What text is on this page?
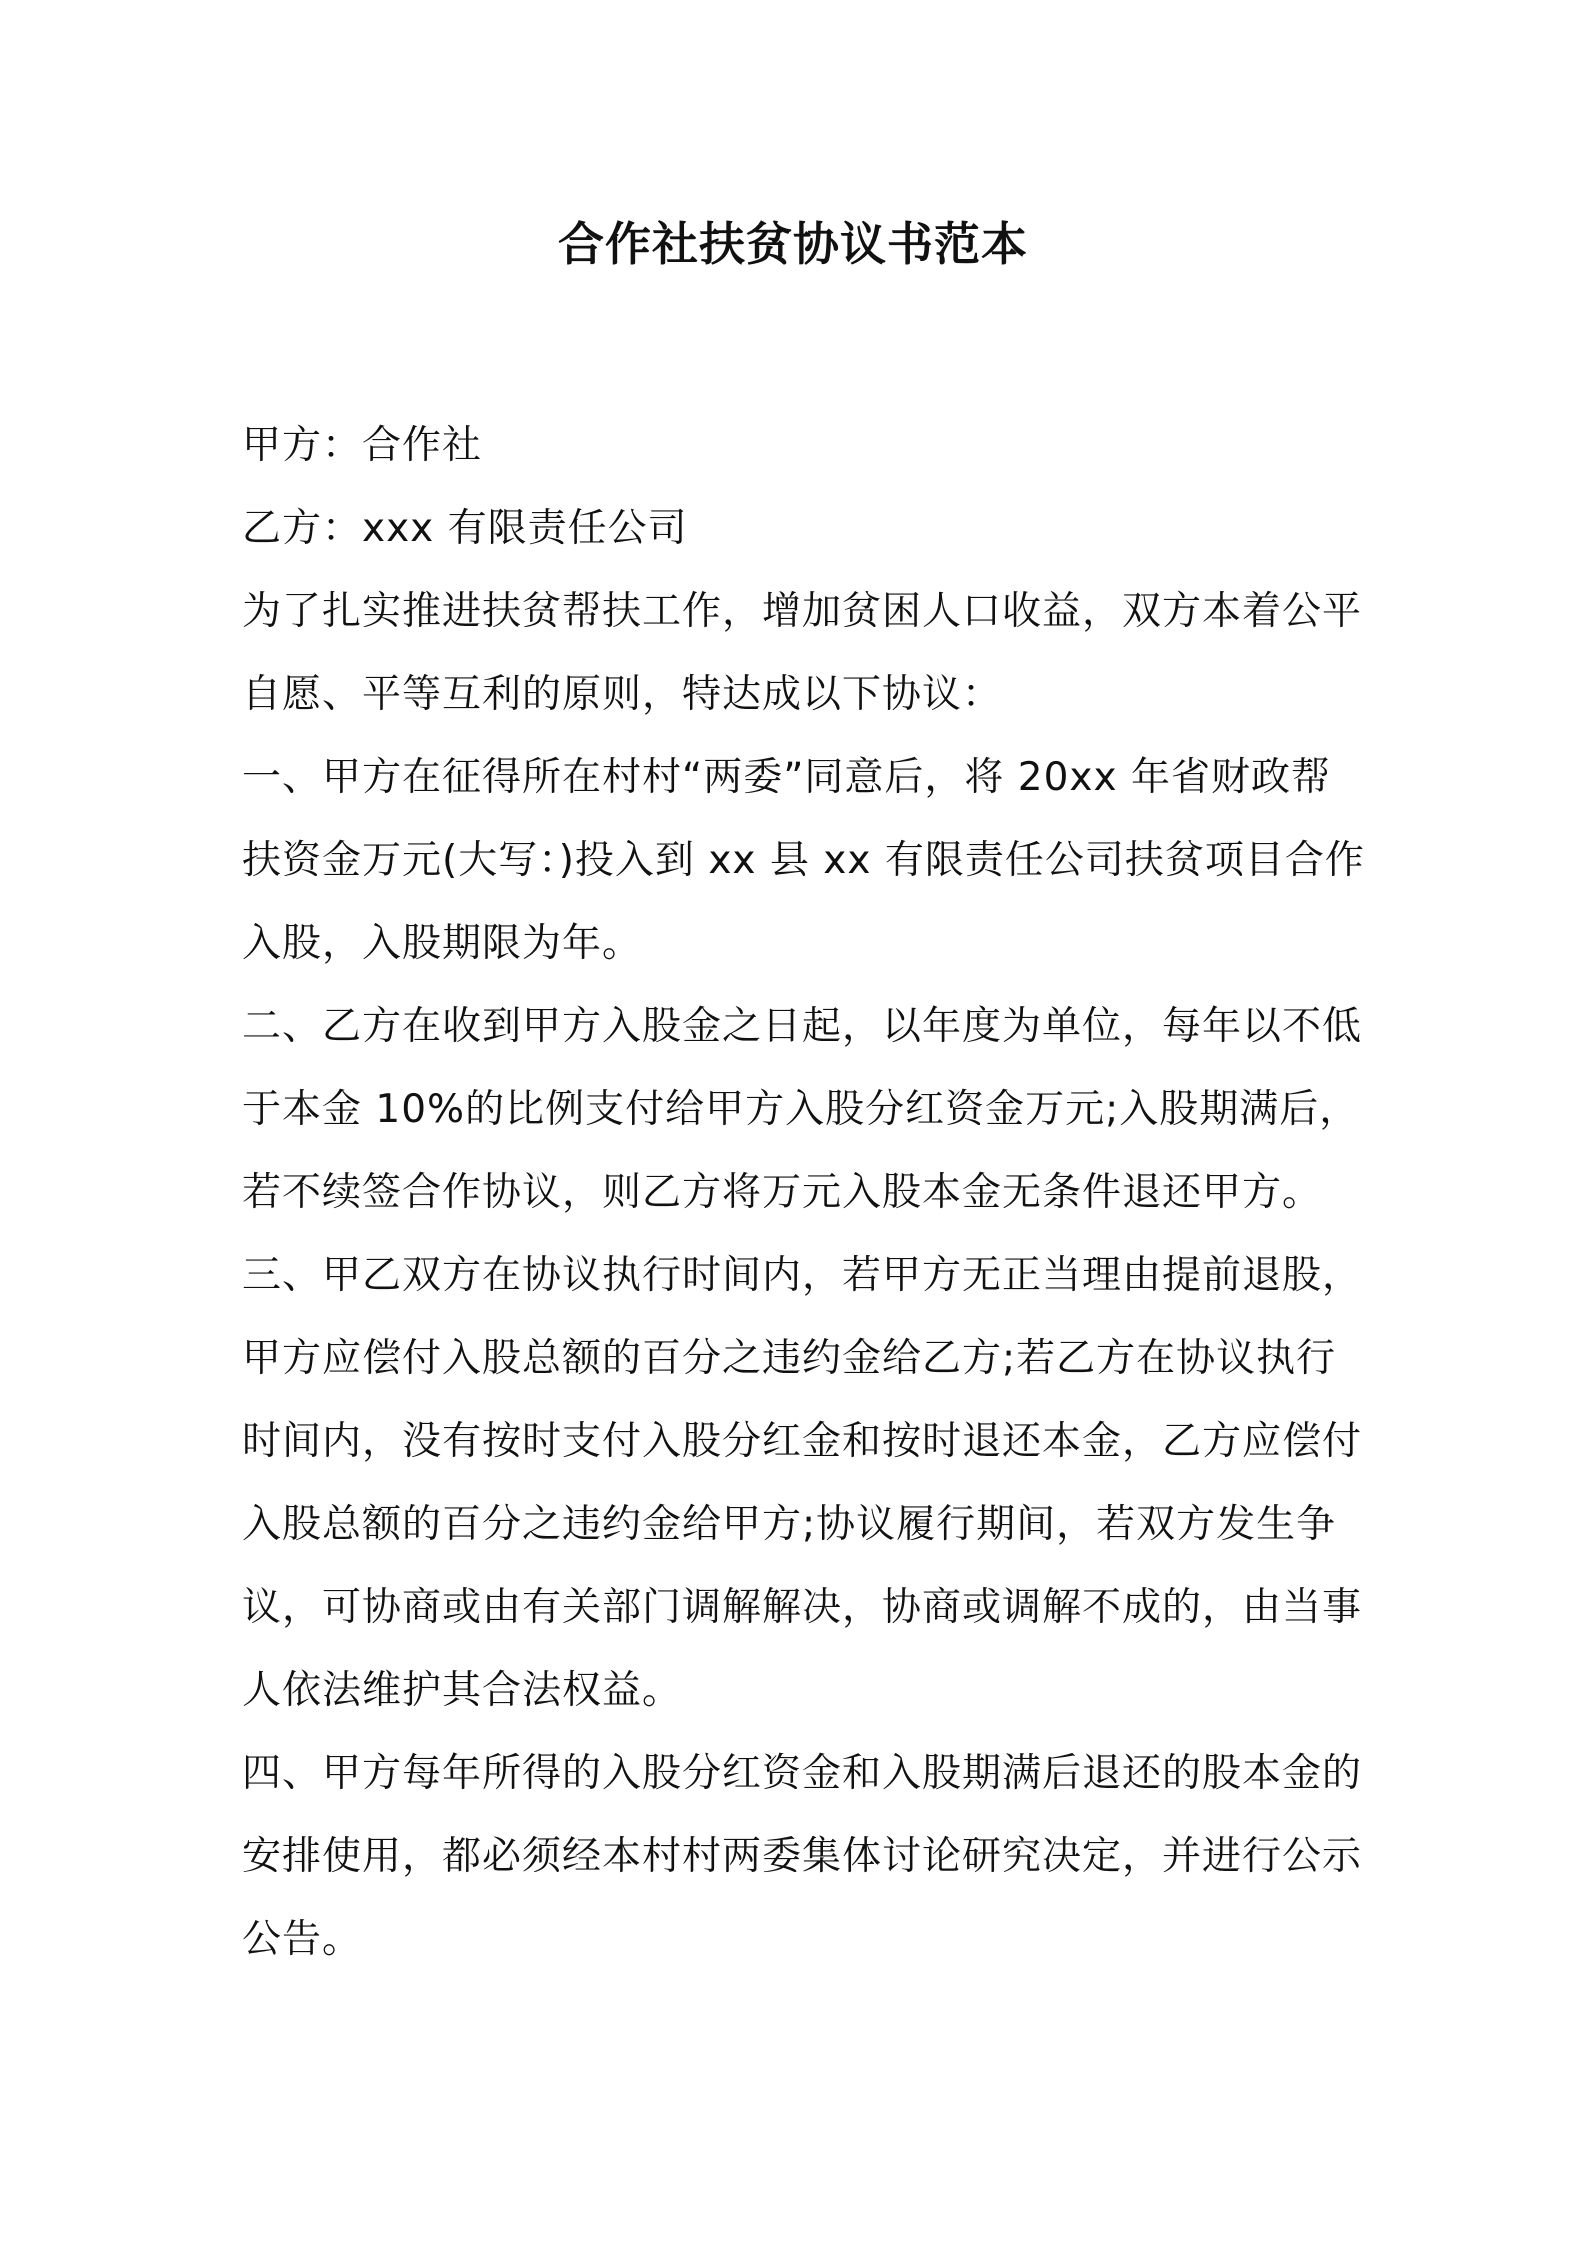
合作社扶贫协议书范本

甲方：合作社

乙方：xxx 有限责任公司

为了扎实推进扶贫帮扶工作，增加贫困人口收益，双方本着公平
自愿、平等互利的原则，特达成以下协议：

一、甲方在征得所在村村“两委”同意后，将 20xx 年省财政帮
扶资金万元(大写：)投入到 xx 县 xx 有限责任公司扶贫项目合作
入股，入股期限为年。

二、乙方在收到甲方入股金之日起，以年度为单位，每年以不低
于本金 10%的比例支付给甲方入股分红资金万元;入股期满后，
若不续签合作协议，则乙方将万元入股本金无条件退还甲方。

三、甲乙双方在协议执行时间内，若甲方无正当理由提前退股，
甲方应偿付入股总额的百分之违约金给乙方;若乙方在协议执行
时间内，没有按时支付入股分红金和按时退还本金，乙方应偿付
入股总额的百分之违约金给甲方;协议履行期间，若双方发生争
议，可协商或由有关部门调解解决，协商或调解不成的，由当事
人依法维护其合法权益。

四、甲方每年所得的入股分红资金和入股期满后退还的股本金的
安排使用，都必须经本村村两委集体讨论研究决定，并进行公示
公告。
